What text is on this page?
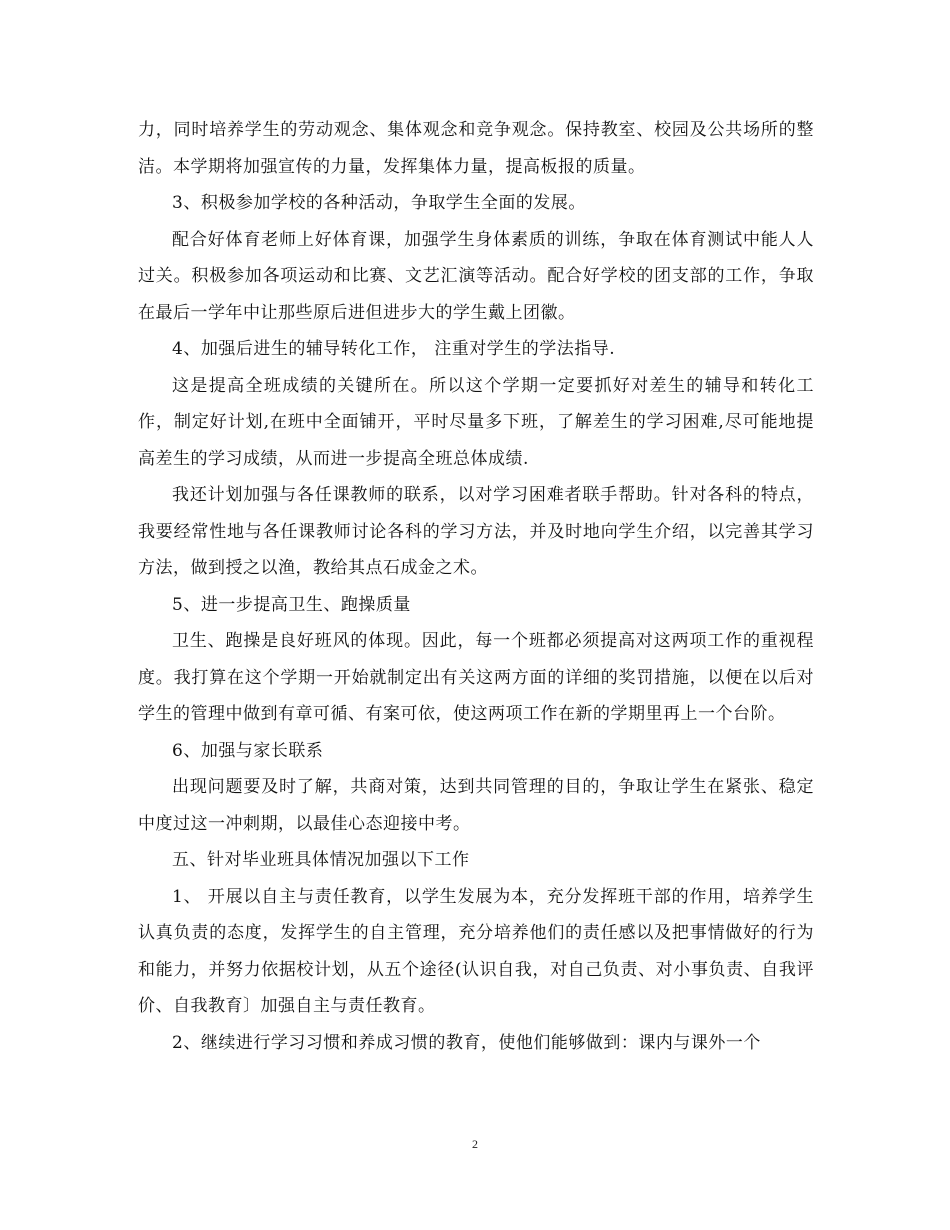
力，同时培养学生的劳动观念、集体观念和竞争观念。保持教室、校园及公共场所的整洁。本学期将加强宣传的力量，发挥集体力量，提高板报的质量。

3、积极参加学校的各种活动，争取学生全面的发展。

配合好体育老师上好体育课，加强学生身体素质的训练，争取在体育测试中能人人过关。积极参加各项运动和比赛、文艺汇演等活动。配合好学校的团支部的工作，争取在最后一学年中让那些原后进但进步大的学生戴上团徽。

4、加强后进生的辅导转化工作， 注重对学生的学法指导.

这是提高全班成绩的关键所在。所以这个学期一定要抓好对差生的辅导和转化工作，制定好计划,在班中全面铺开，平时尽量多下班，了解差生的学习困难,尽可能地提高差生的学习成绩，从而进一步提高全班总体成绩.

我还计划加强与各任课教师的联系，以对学习困难者联手帮助。针对各科的特点，我要经常性地与各任课教师讨论各科的学习方法，并及时地向学生介绍，以完善其学习方法，做到授之以渔，教给其点石成金之术。

5、进一步提高卫生、跑操质量

卫生、跑操是良好班风的体现。因此，每一个班都必须提高对这两项工作的重视程度。我打算在这个学期一开始就制定出有关这两方面的详细的奖罚措施，以便在以后对学生的管理中做到有章可循、有案可依，使这两项工作在新的学期里再上一个台阶。

6、加强与家长联系

出现问题要及时了解，共商对策，达到共同管理的目的，争取让学生在紧张、稳定中度过这一冲刺期，以最佳心态迎接中考。

五、针对毕业班具体情况加强以下工作

1、 开展以自主与责任教育，以学生发展为本，充分发挥班干部的作用，培养学生认真负责的态度，发挥学生的自主管理，充分培养他们的责任感以及把事情做好的行为和能力，并努力依据校计划，从五个途径(认识自我，对自己负责、对小事负责、自我评价、自我教育〕加强自主与责任教育。

2、继续进行学习习惯和养成习惯的教育，使他们能够做到：课内与课外一个

2
